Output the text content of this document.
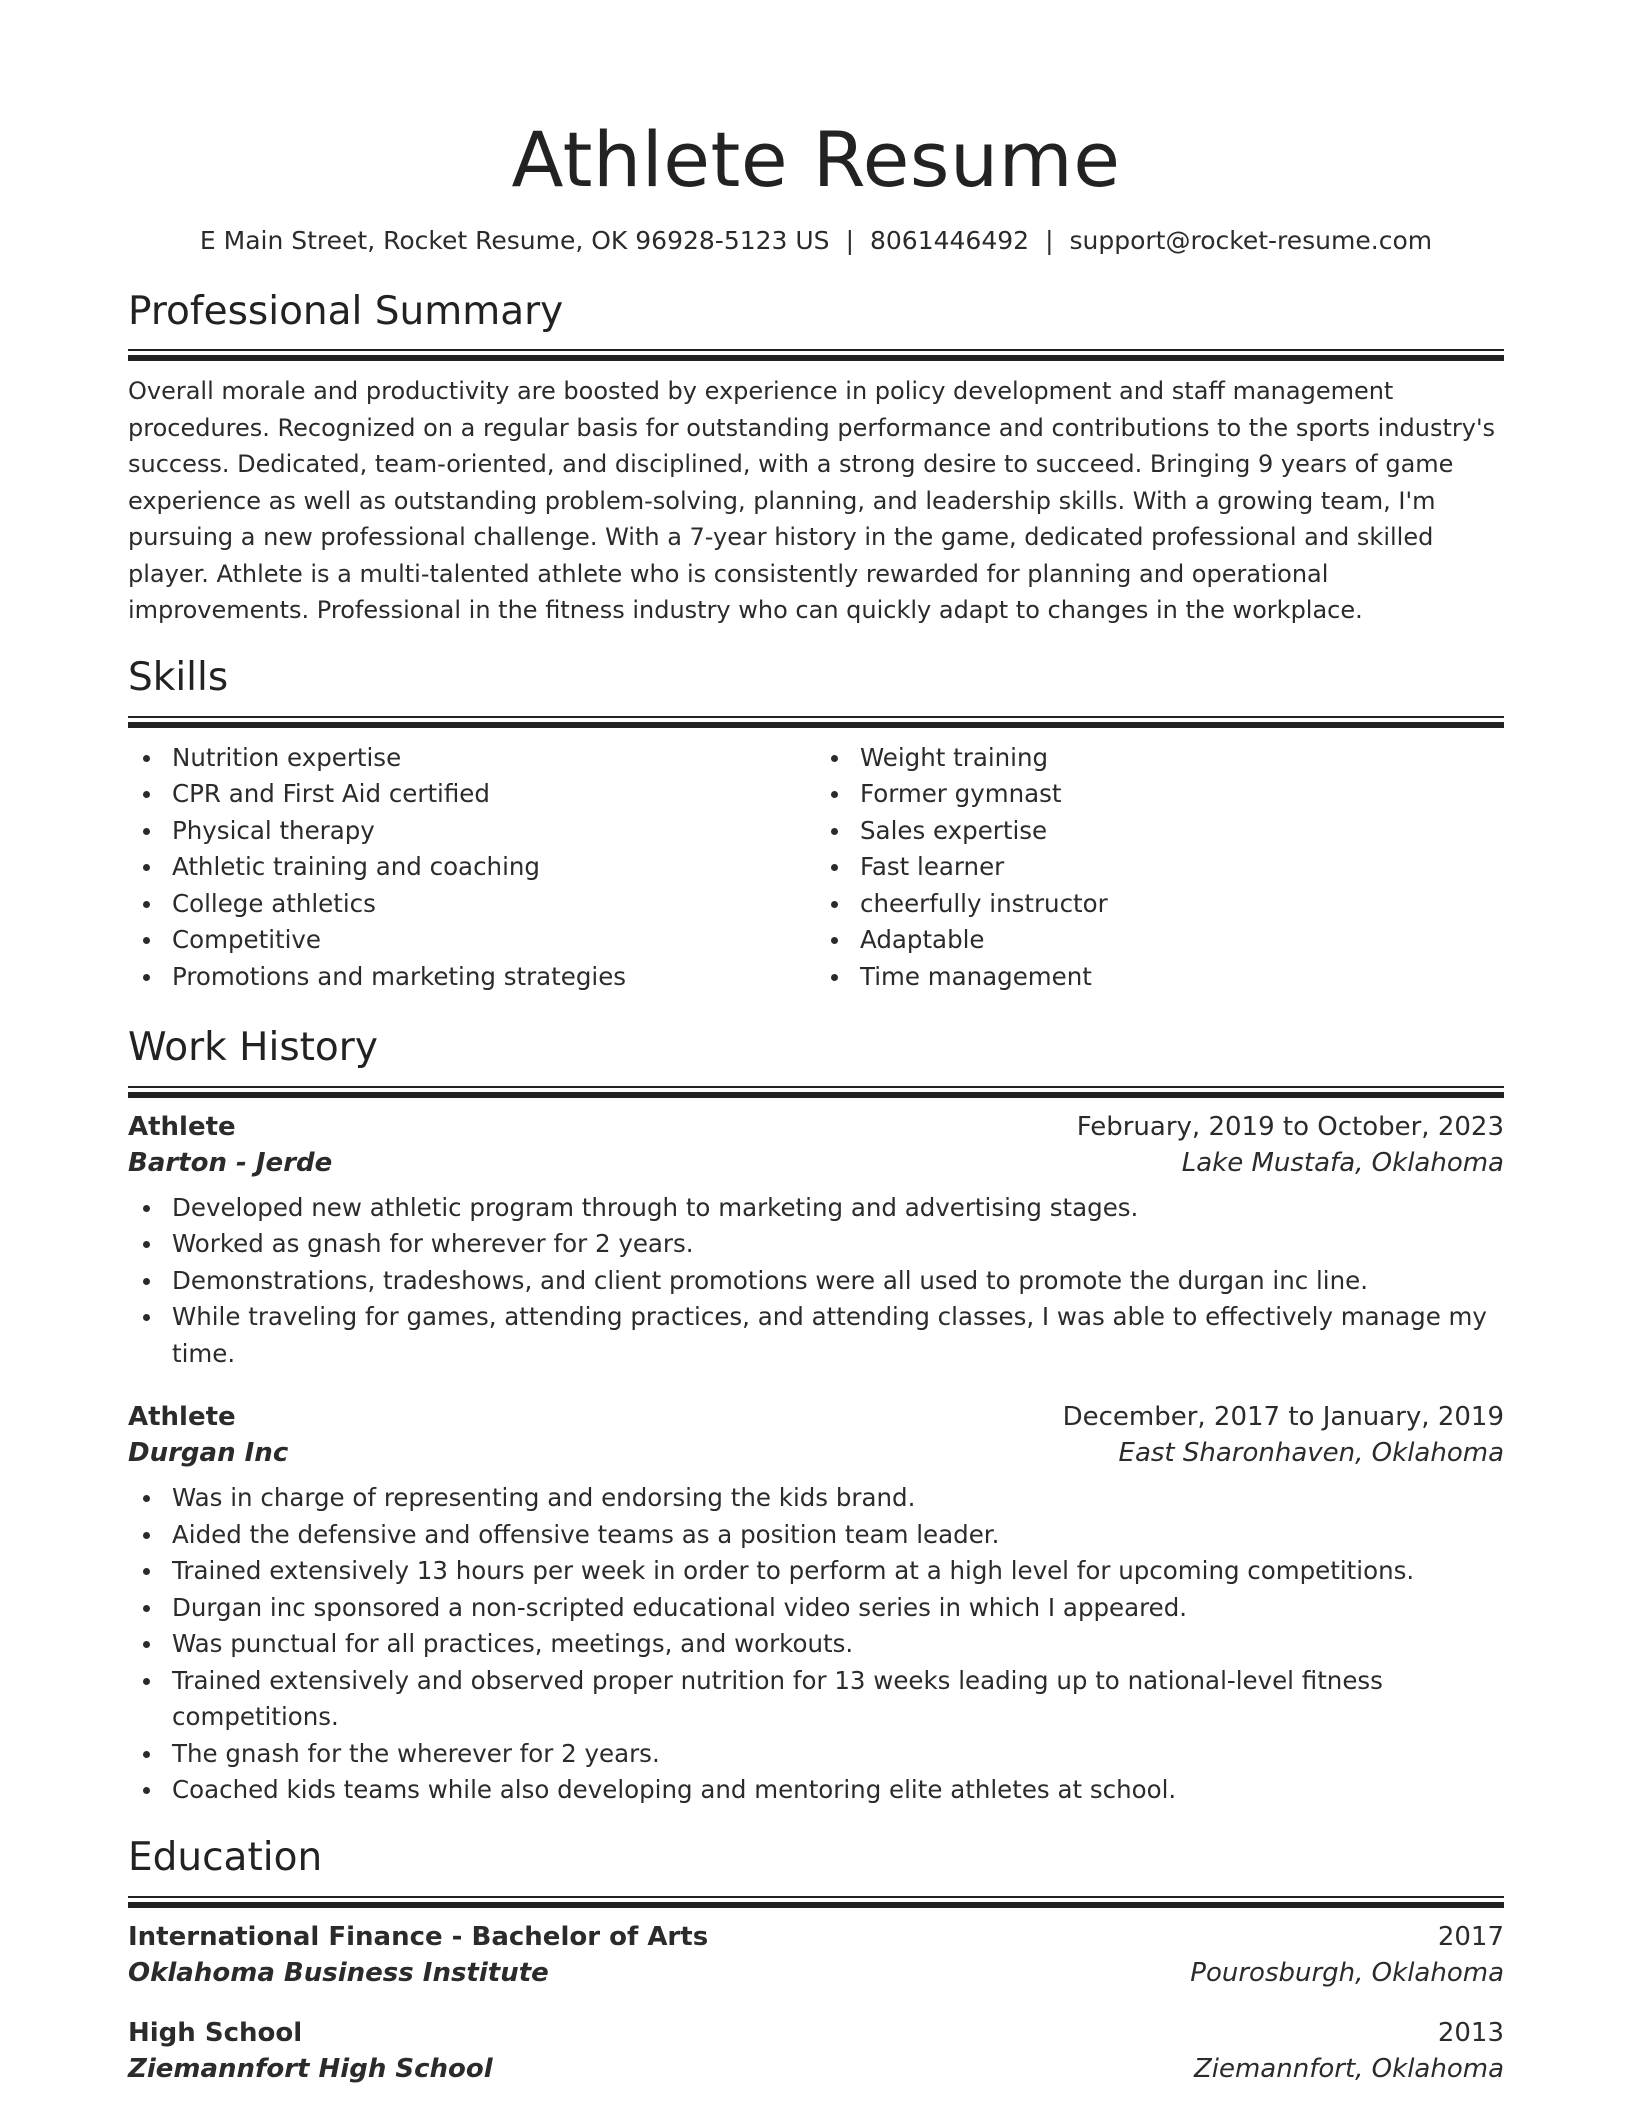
Athlete Resume
E Main Street, Rocket Resume, OK 96928-5123 US | 8061446492 | support@rocket-resume.com
Professional Summary

Overall morale and productivity are boosted by experience in policy development and staff management procedures. Recognized on a regular basis for outstanding performance and contributions to the sports industry's success. Dedicated, team-oriented, and disciplined, with a strong desire to succeed. Bringing 9 years of game experience as well as outstanding problem-solving, planning, and leadership skills. With a growing team, I'm pursuing a new professional challenge. With a 7-year history in the game, dedicated professional and skilled player. Athlete is a multi-talented athlete who is consistently rewarded for planning and operational improvements. Professional in the fitness industry who can quickly adapt to changes in the workplace.

Skills
Nutrition expertise
CPR and First Aid certified
Physical therapy
Athletic training and coaching
College athletics
Competitive
Promotions and marketing strategies
Weight training
Former gymnast
Sales expertise
Fast learner
cheerfully instructor
Adaptable
Time management
Work History
Athlete	February, 2019 to October, 2023
Barton - Jerde	Lake Mustafa, Oklahoma
Developed new athletic program through to marketing and advertising stages.
Worked as gnash for wherever for 2 years.
Demonstrations, tradeshows, and client promotions were all used to promote the durgan inc line.
While traveling for games, attending practices, and attending classes, I was able to effectively manage my time.
Athlete	December, 2017 to January, 2019
Durgan Inc	East Sharonhaven, Oklahoma
Was in charge of representing and endorsing the kids brand.
Aided the defensive and offensive teams as a position team leader.
Trained extensively 13 hours per week in order to perform at a high level for upcoming competitions.
Durgan inc sponsored a non-scripted educational video series in which I appeared.
Was punctual for all practices, meetings, and workouts.
Trained extensively and observed proper nutrition for 13 weeks leading up to national-level fitness competitions.
The gnash for the wherever for 2 years.
Coached kids teams while also developing and mentoring elite athletes at school.
Education
International Finance - Bachelor of Arts	2017
Oklahoma Business Institute	Pourosburgh, Oklahoma
High School	2013
Ziemannfort High School	Ziemannfort, Oklahoma
